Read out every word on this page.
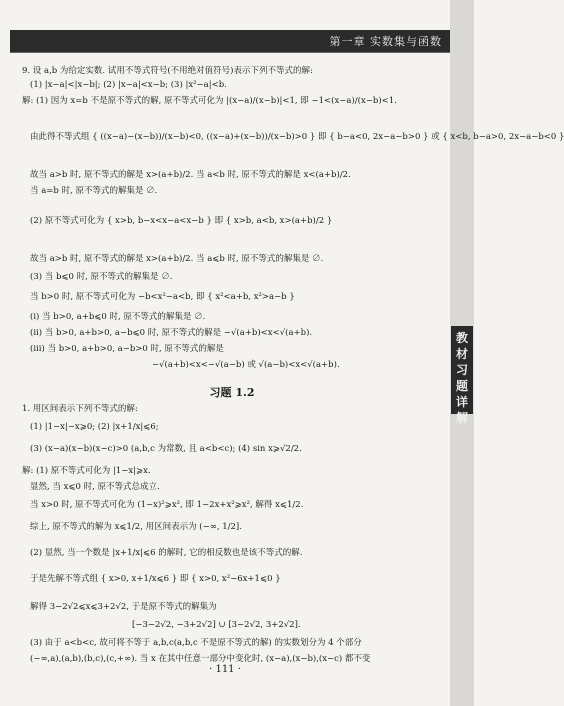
第一章 实数集与函数
教材习题详解
9. 设 a,b 为给定实数. 试用不等式符号(不用绝对值符号)表示下列不等式的解:
(1) |x−a|<|x−b|; (2) |x−a|<x−b; (3) |x²−a|<b.
解: (1) 因为 x=b 不是原不等式的解, 原不等式可化为 |(x−a)/(x−b)|<1, 即 −1<(x−a)/(x−b)<1.
由此得不等式组 { ((x−a)−(x−b))/(x−b)<0, ((x−a)+(x−b))/(x−b)>0 } 即 { b−a<0, 2x−a−b>0 } 或 { x<b, b−a>0, 2x−a−b<0 }
故当 a>b 时, 原不等式的解是 x>(a+b)/2. 当 a<b 时, 原不等式的解是 x<(a+b)/2.
当 a=b 时, 原不等式的解集是 ∅.
(2) 原不等式可化为 { x>b, b−x<x−a<x−b } 即 { x>b, a<b, x>(a+b)/2 }
故当 a>b 时, 原不等式的解是 x>(a+b)/2. 当 a⩽b 时, 原不等式的解集是 ∅.
(3) 当 b⩽0 时, 原不等式的解集是 ∅.
当 b>0 时, 原不等式可化为 −b<x²−a<b, 即 { x²<a+b, x²>a−b }
(i) 当 b>0, a+b⩽0 时, 原不等式的解集是 ∅.
(ii) 当 b>0, a+b>0, a−b⩽0 时, 原不等式的解是 −√(a+b)<x<√(a+b).
(iii) 当 b>0, a+b>0, a−b>0 时, 原不等式的解是
−√(a+b)<x<−√(a−b) 或 √(a−b)<x<√(a+b).
习题 1.2
1. 用区间表示下列不等式的解:
(1) |1−x|−x⩾0; (2) |x+1/x|⩽6;
(3) (x−a)(x−b)(x−c)>0 (a,b,c 为常数, 且 a<b<c); (4) sin x⩾√2/2.
解: (1) 原不等式可化为 |1−x|⩾x.
显然, 当 x⩽0 时, 原不等式总成立.
当 x>0 时, 原不等式可化为 (1−x)²⩾x², 即 1−2x+x²⩾x², 解得 x⩽1/2.
综上, 原不等式的解为 x⩽1/2, 用区间表示为 (−∞, 1/2].
(2) 显然, 当一个数是 |x+1/x|⩽6 的解时, 它的相反数也是该不等式的解.
于是先解不等式组 { x>0, x+1/x⩽6 } 即 { x>0, x²−6x+1⩽0 }
解得 3−2√2⩽x⩽3+2√2, 于是原不等式的解集为
[−3−2√2, −3+2√2] ∪ [3−2√2, 3+2√2].
(3) 由于 a<b<c, 故可将不等于 a,b,c(a,b,c 不是原不等式的解) 的实数划分为 4 个部分
(−∞,a),(a,b),(b,c),(c,+∞). 当 x 在其中任意一部分中变化时, (x−a),(x−b),(x−c) 都不变
· 111 ·
